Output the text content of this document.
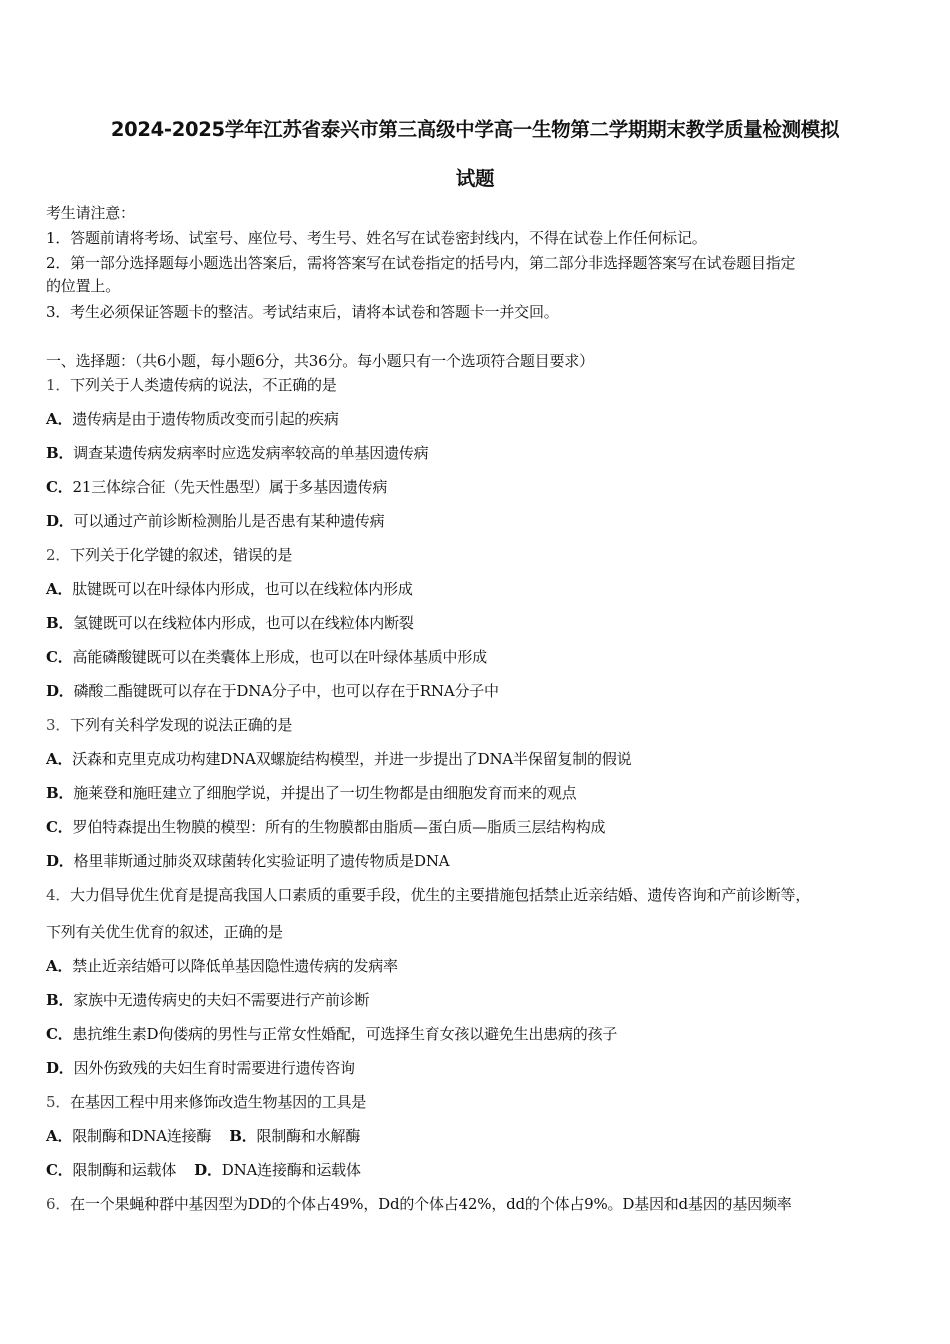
2024-2025学年江苏省泰兴市第三高级中学高一生物第二学期期末教学质量检测模拟
试题
考生请注意：
1．答题前请将考场、试室号、座位号、考生号、姓名写在试卷密封线内，不得在试卷上作任何标记。
2．第一部分选择题每小题选出答案后，需将答案写在试卷指定的括号内，第二部分非选择题答案写在试卷题目指定
的位置上。
3．考生必须保证答题卡的整洁。考试结束后，请将本试卷和答题卡一并交回。
一、选择题：（共6小题，每小题6分，共36分。每小题只有一个选项符合题目要求）
1．下列关于人类遗传病的说法，不正确的是
A．遗传病是由于遗传物质改变而引起的疾病
B．调查某遗传病发病率时应选发病率较高的单基因遗传病
C．21三体综合征（先天性愚型）属于多基因遗传病
D．可以通过产前诊断检测胎儿是否患有某种遗传病
2．下列关于化学键的叙述，错误的是
A．肽键既可以在叶绿体内形成，也可以在线粒体内形成
B．氢键既可以在线粒体内形成，也可以在线粒体内断裂
C．高能磷酸键既可以在类囊体上形成，也可以在叶绿体基质中形成
D．磷酸二酯键既可以存在于DNA分子中，也可以存在于RNA分子中
3．下列有关科学发现的说法正确的是
A．沃森和克里克成功构建DNA双螺旋结构模型，并进一步提出了DNA半保留复制的假说
B．施莱登和施旺建立了细胞学说，并提出了一切生物都是由细胞发育而来的观点
C．罗伯特森提出生物膜的模型：所有的生物膜都由脂质—蛋白质—脂质三层结构构成
D．格里菲斯通过肺炎双球菌转化实验证明了遗传物质是DNA
4．大力倡导优生优育是提高我国人口素质的重要手段，优生的主要措施包括禁止近亲结婚、遗传咨询和产前诊断等，
下列有关优生优育的叙述，正确的是
A．禁止近亲结婚可以降低单基因隐性遗传病的发病率
B．家族中无遗传病史的夫妇不需要进行产前诊断
C．患抗维生素D佝偻病的男性与正常女性婚配，可选择生育女孩以避免生出患病的孩子
D．因外伤致残的夫妇生育时需要进行遗传咨询
5．在基因工程中用来修饰改造生物基因的工具是
A．限制酶和DNA连接酶 B．限制酶和水解酶
C．限制酶和运载体 D．DNA连接酶和运载体
6．在一个果蝇种群中基因型为DD的个体占49%，Dd的个体占42%，dd的个体占9%。D基因和d基因的基因频率
